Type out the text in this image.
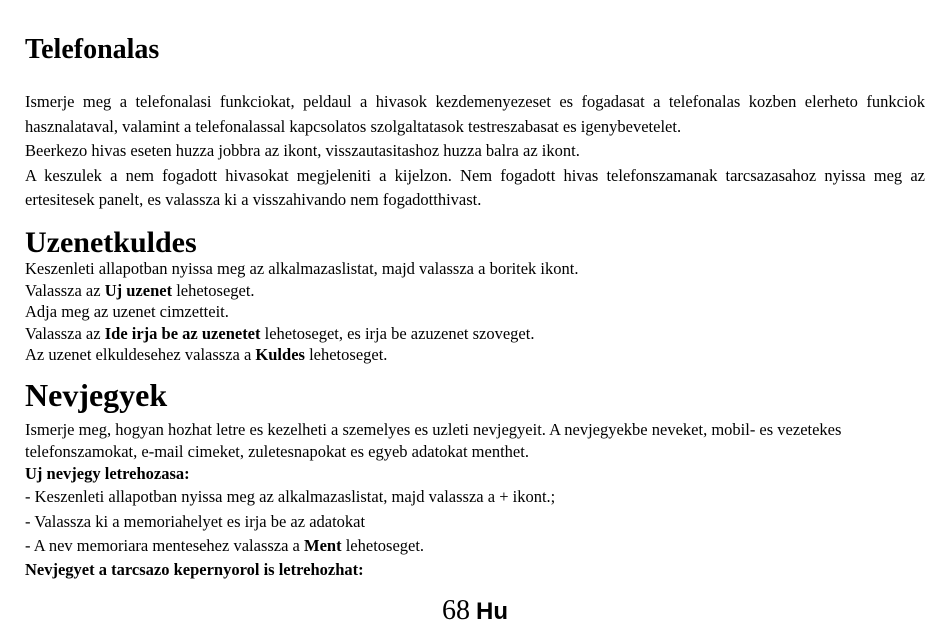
Telefonalas

Ismerje meg a telefonalasi funkciokat, peldaul a hivasok kezdemenyezeset es fogadasat a telefonalas kozben elerheto funkciok hasznalataval, valamint a telefonalassal kapcsolatos szolgaltatasok testreszabasat es igenybevetelet.

Beerkezo hivas eseten huzza jobbra az ikont, visszautasitashoz huzza balra az ikont.

A keszulek a nem fogadott hivasokat megjeleniti a kijelzon. Nem fogadott hivas telefonszamanak tarcsazasahoz nyissa meg az ertesitesek panelt, es valassza ki a visszahivando nem fogadotthivast.

Uzenetkuldes
Keszenleti allapotban nyissa meg az alkalmazaslistat, majd valassza a boritek ikont.
Valassza az Uj uzenet lehetoseget.
Adja meg az uzenet cimzetteit.
Valassza az Ide irja be az uzenetet lehetoseget, es irja be azuzenet szoveget.
Az uzenet elkuldesehez valassza a Kuldes lehetoseget.
Nevjegyek

Ismerje meg, hogyan hozhat letre es kezelheti a szemelyes es uzleti nevjegyeit. A nevjegyekbe neveket, mobil- es vezetekes telefonszamokat, e-mail cimeket, zuletesnapokat es egyeb adatokat menthet.

Uj nevjegy letrehozasa:
- Keszenleti allapotban nyissa meg az alkalmazaslistat, majd valassza a + ikont.;
- Valassza ki a memoriahelyet es irja be az adatokat
- A nev memoriara mentesehez valassza a Ment lehetoseget.
Nevjegyet a tarcsazo kepernyorol is letrehozhat:
68 Hu
